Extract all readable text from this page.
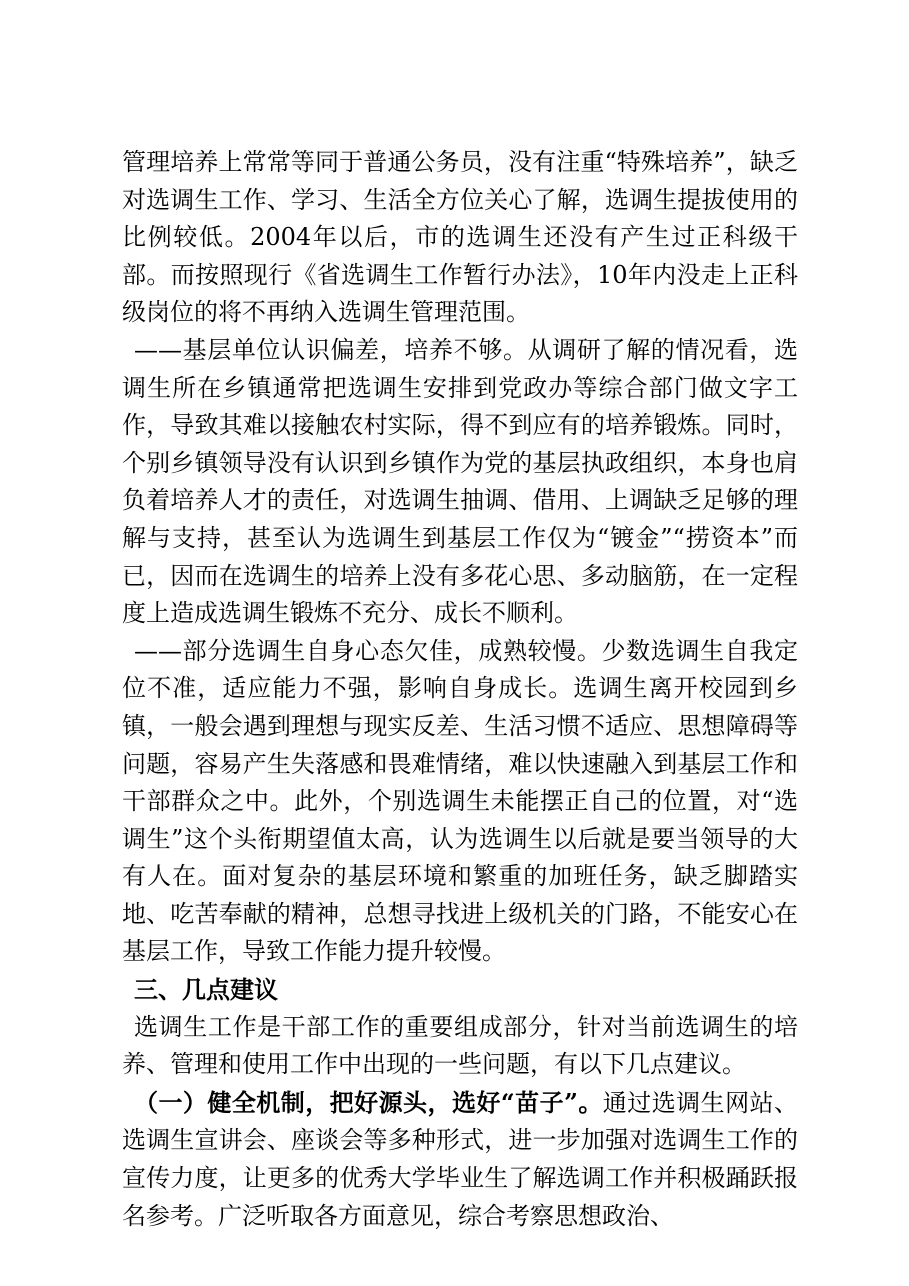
管理培养上常常等同于普通公务员，没有注重“特殊培养”，缺乏对选调生工作、学习、生活全方位关心了解，选调生提拔使用的比例较低。2004年以后，市的选调生还没有产生过正科级干部。而按照现行《省选调生工作暂行办法》，10年内没走上正科级岗位的将不再纳入选调生管理范围。

——基层单位认识偏差，培养不够。从调研了解的情况看，选调生所在乡镇通常把选调生安排到党政办等综合部门做文字工作，导致其难以接触农村实际，得不到应有的培养锻炼。同时，个别乡镇领导没有认识到乡镇作为党的基层执政组织，本身也肩负着培养人才的责任，对选调生抽调、借用、上调缺乏足够的理解与支持，甚至认为选调生到基层工作仅为“镀金”“捞资本”而已，因而在选调生的培养上没有多花心思、多动脑筋，在一定程度上造成选调生锻炼不充分、成长不顺利。

——部分选调生自身心态欠佳，成熟较慢。少数选调生自我定位不准，适应能力不强，影响自身成长。选调生离开校园到乡镇，一般会遇到理想与现实反差、生活习惯不适应、思想障碍等问题，容易产生失落感和畏难情绪，难以快速融入到基层工作和干部群众之中。此外，个别选调生未能摆正自己的位置，对“选调生”这个头衔期望值太高，认为选调生以后就是要当领导的大有人在。面对复杂的基层环境和繁重的加班任务，缺乏脚踏实地、吃苦奉献的精神，总想寻找进上级机关的门路，不能安心在基层工作，导致工作能力提升较慢。

三、几点建议

选调生工作是干部工作的重要组成部分，针对当前选调生的培养、管理和使用工作中出现的一些问题，有以下几点建议。

（一）健全机制，把好源头，选好“苗子”。通过选调生网站、选调生宣讲会、座谈会等多种形式，进一步加强对选调生工作的宣传力度，让更多的优秀大学毕业生了解选调工作并积极踊跃报名参考。广泛听取各方面意见，综合考察思想政治、
